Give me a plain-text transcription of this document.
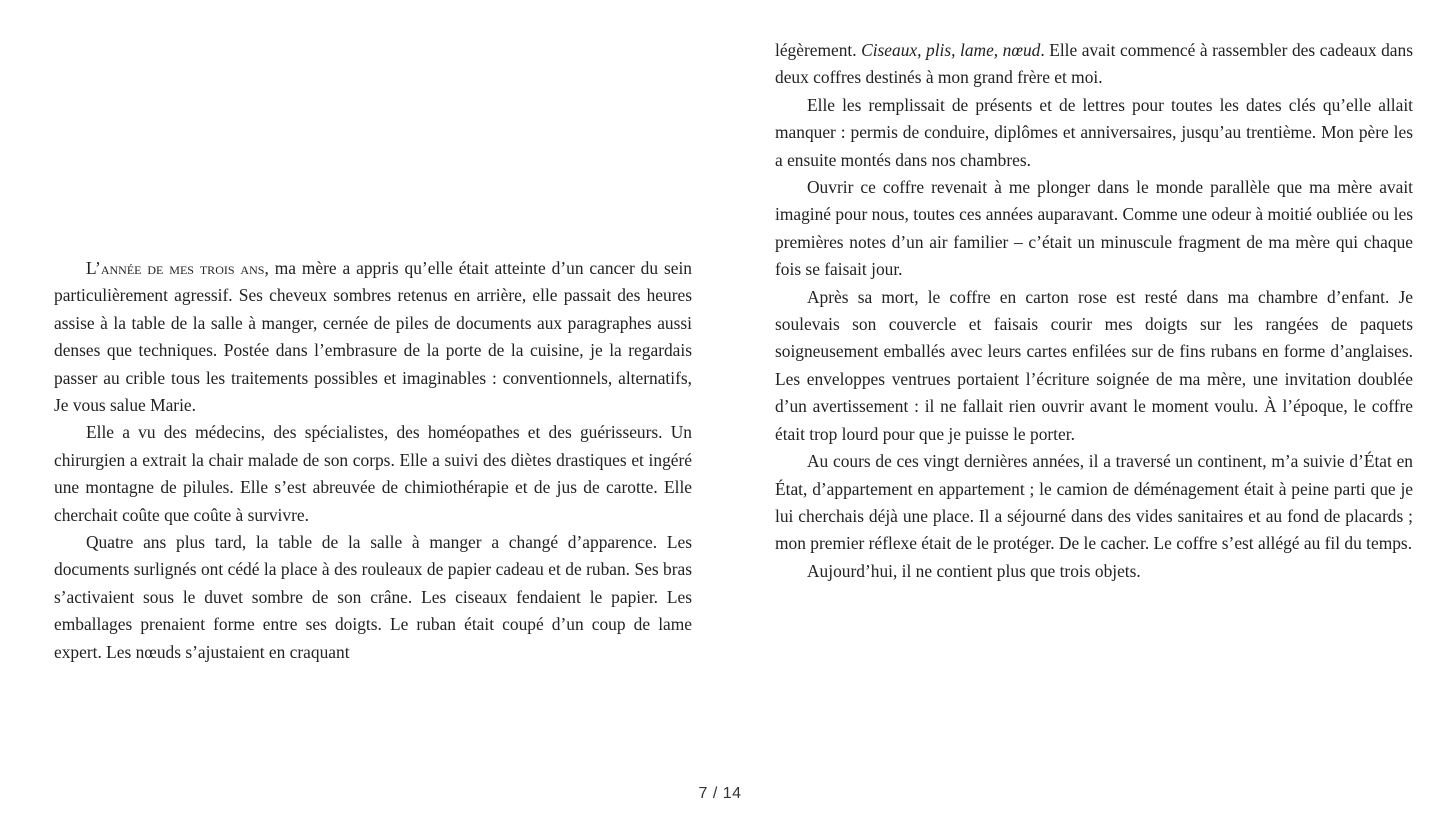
L’année de mes trois ans, ma mère a appris qu’elle était atteinte d’un cancer du sein particulièrement agressif. Ses cheveux sombres retenus en arrière, elle passait des heures assise à la table de la salle à manger, cernée de piles de documents aux paragraphes aussi denses que techniques. Postée dans l’embrasure de la porte de la cuisine, je la regardais passer au crible tous les traitements possibles et imaginables : conventionnels, alternatifs, Je vous salue Marie.

Elle a vu des médecins, des spécialistes, des homéopathes et des guérisseurs. Un chirurgien a extrait la chair malade de son corps. Elle a suivi des diètes drastiques et ingéré une montagne de pilules. Elle s’est abreuvée de chimiothérapie et de jus de carotte. Elle cherchait coûte que coûte à survivre.

Quatre ans plus tard, la table de la salle à manger a changé d’apparence. Les documents surlignés ont cédé la place à des rouleaux de papier cadeau et de ruban. Ses bras s’activaient sous le duvet sombre de son crâne. Les ciseaux fendaient le papier. Les emballages prenaient forme entre ses doigts. Le ruban était coupé d’un coup de lame expert. Les nœuds s’ajustaient en craquant

légèrement. Ciseaux, plis, lame, nœud. Elle avait commencé à rassembler des cadeaux dans deux coffres destinés à mon grand frère et moi.

Elle les remplissait de présents et de lettres pour toutes les dates clés qu’elle allait manquer : permis de conduire, diplômes et anniversaires, jusqu’au trentième. Mon père les a ensuite montés dans nos chambres.

Ouvrir ce coffre revenait à me plonger dans le monde parallèle que ma mère avait imaginé pour nous, toutes ces années auparavant. Comme une odeur à moitié oubliée ou les premières notes d’un air familier – c’était un minuscule fragment de ma mère qui chaque fois se faisait jour.

Après sa mort, le coffre en carton rose est resté dans ma chambre d’enfant. Je soulevais son couvercle et faisais courir mes doigts sur les rangées de paquets soigneusement emballés avec leurs cartes enfilées sur de fins rubans en forme d’anglaises. Les enveloppes ventrues portaient l’écriture soignée de ma mère, une invitation doublée d’un avertissement : il ne fallait rien ouvrir avant le moment voulu. À l’époque, le coffre était trop lourd pour que je puisse le porter.

Au cours de ces vingt dernières années, il a traversé un continent, m’a suivie d’État en État, d’appartement en appartement ; le camion de déménagement était à peine parti que je lui cherchais déjà une place. Il a séjourné dans des vides sanitaires et au fond de placards ; mon premier réflexe était de le protéger. De le cacher. Le coffre s’est allégé au fil du temps.

Aujourd’hui, il ne contient plus que trois objets.

7 / 14
